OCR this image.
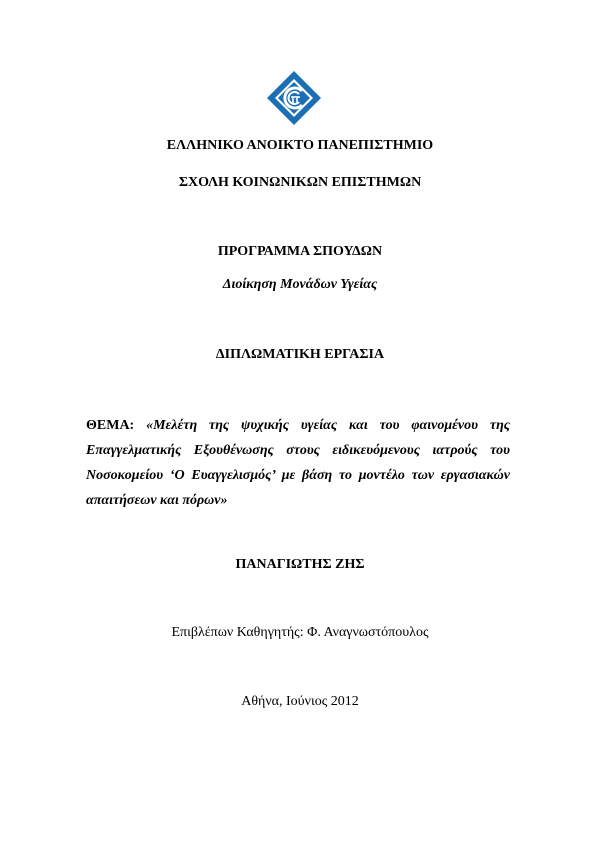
ΕΛΛΗΝΙΚΟ ΑΝΟΙΚΤΟ ΠΑΝΕΠΙΣΤΗΜΙΟ
ΣΧΟΛΗ ΚΟΙΝΩΝΙΚΩΝ ΕΠΙΣΤΗΜΩΝ
ΠΡΟΓΡΑΜΜΑ ΣΠΟΥΔΩΝ
Διοίκηση Μονάδων Υγείας
ΔΙΠΛΩΜΑΤΙΚΗ ΕΡΓΑΣΙΑ
ΘΕΜΑ: «Μελέτη της ψυχικής υγείας και του φαινομένου της
Επαγγελματικής Εξουθένωσης στους ειδικευόμενους ιατρούς του
Νοσοκομείου ‘Ο Ευαγγελισμός’ με βάση το μοντέλο των εργασιακών
απαιτήσεων και πόρων»
ΠΑΝΑΓΙΩΤΗΣ ΖΗΣ
Επιβλέπων Καθηγητής: Φ. Αναγνωστόπουλος
Αθήνα, Ιούνιος 2012
